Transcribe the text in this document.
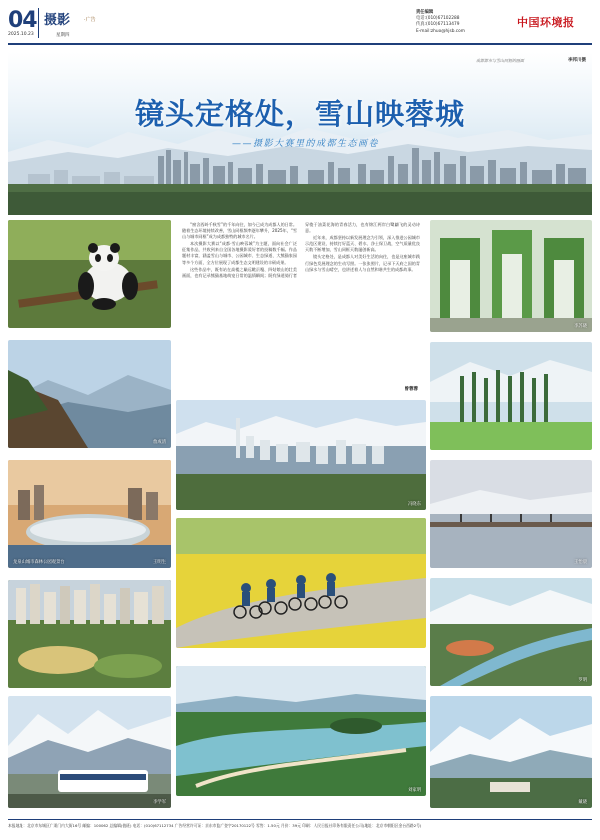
04 摄影	·广告
2025.10.23	星期四
责任编辑
电话:(010)67102288
传真:(010)67113479
E-mail:zhuo@hjsb.com
中国环境报
成都都市与雪山同框的画面	李邦川摄
镜头定格处，雪山映蓉城
——摄影大赛里的成都生态画卷

“窗含西岭千秋雪”的千年向往，如今已成为成都人的日常。随着生态环境持续改善，雪山同框频率逐年攀升，2025年，“雪山与城市同框”成为成都独特的城市名片。

本次摄影大赛以“成都·雪山映蓉城”为主题，面向社会广泛征集作品，共收到来自全国各地摄影爱好者的投稿数千幅。作品题材丰富，涵盖雪山与城市、公园城市、生态绿道、大熊猫家园等多个方面，全方位展现了成都生态文明建设的丰硕成果。

这些作品中，既有站在高楼之巅远眺贡嘎、四姑娘山的壮美画面，也有记录熊猫基地萌宠日常的温情瞬间；既有绿道骑行者穿梭于油菜花海的青春活力，也有锦江两岸白鹭翩飞的灵动诗意。

近年来，成都坚持以新发展理念为引领，深入推进公园城市示范区建设，持续打好蓝天、碧水、净土保卫战，空气质量优良天数不断增加，雪山同框天数屡创新高。

镜头定格处，是成都人对美好生活的向往，也是这座城市践行绿色发展理念的生动写照。一张张照片，记录下天府之国的青山绿水与雪山晴空，也讲述着人与自然和谐共生的成都故事。

曾蓉蓉
詹成清
龙泉山城市森林公园观景台	王明生
李学军
冯晓东
刘家明
李苏晓
王怡晨
罗明
戴晓
本报地址：北京市东城区广渠门内大街16号 邮编：100062 总编辑(值班) 电话：(010)67112734 广告经营许可证：京东市监广登字20170122号 零售：1.50元 月价：39元 印刷：人民日报社印务有限责任公司(地址：北京市朝阳区金台西路2号)
